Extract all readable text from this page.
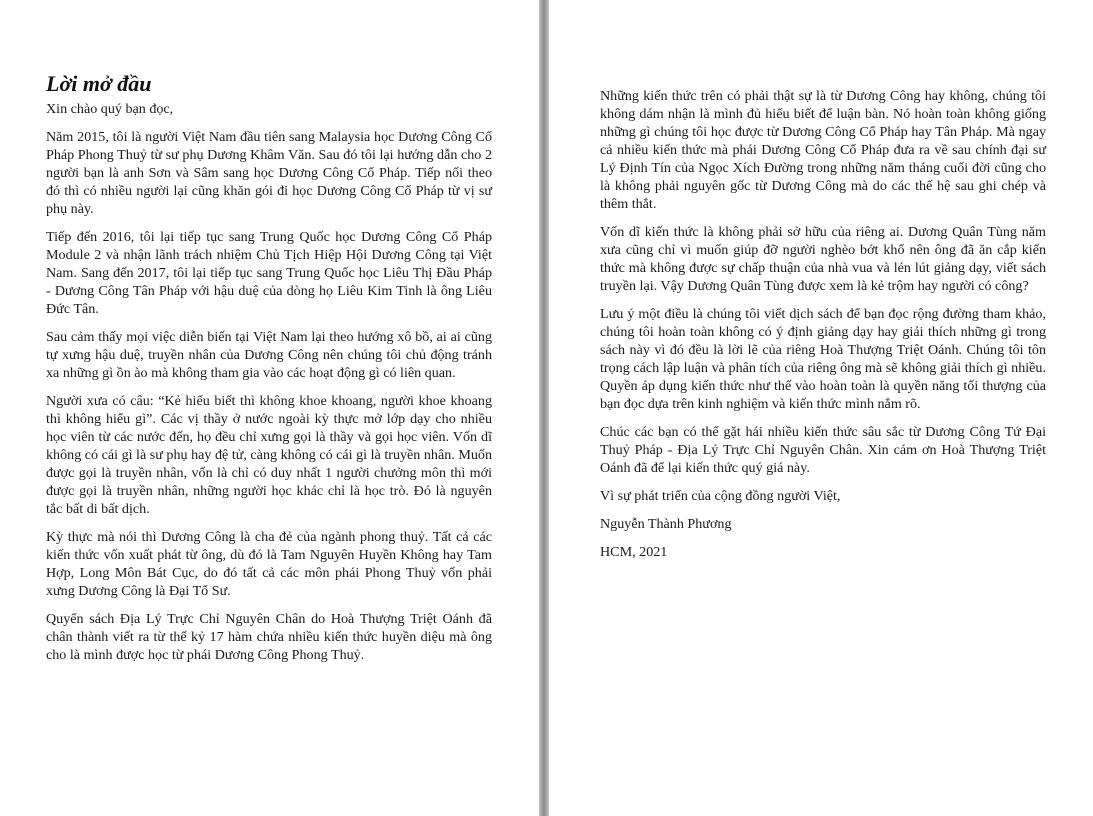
Lời mở đầu

Xin chào quý bạn đọc,

Năm 2015, tôi là người Việt Nam đầu tiên sang Malaysia học Dương Công Cổ Pháp Phong Thuỷ từ sư phụ Dương Khâm Văn. Sau đó tôi lại hướng dẫn cho 2 người bạn là anh Sơn và Sâm sang học Dương Công Cổ Pháp. Tiếp nối theo đó thì có nhiều người lại cũng khăn gói đi học Dương Công Cổ Pháp từ vị sư phụ này.

Tiếp đến 2016, tôi lại tiếp tục sang Trung Quốc học Dương Công Cổ Pháp Module 2 và nhận lãnh trách nhiệm Chủ Tịch Hiệp Hội Dương Công tại Việt Nam. Sang đến 2017, tôi lại tiếp tục sang Trung Quốc học Liêu Thị Đầu Pháp - Dương Công Tân Pháp với hậu duệ của dòng họ Liêu Kim Tinh là ông Liêu Đức Tân.

Sau cảm thấy mọi việc diễn biến tại Việt Nam lại theo hướng xô bồ, ai ai cũng tự xưng hậu duệ, truyền nhân của Dương Công nên chúng tôi chủ động tránh xa những gì ồn ào mà không tham gia vào các hoạt động gì có liên quan.

Người xưa có câu: “Kẻ hiểu biết thì không khoe khoang, người khoe khoang thì không hiểu gì”. Các vị thầy ở nước ngoài kỳ thực mở lớp dạy cho nhiều học viên từ các nước đến, họ đều chỉ xưng gọi là thầy và gọi học viên. Vốn dĩ không có cái gì là sư phụ hay đệ tử, càng không có cái gì là truyền nhân. Muốn được gọi là truyền nhân, vốn là chỉ có duy nhất 1 người chưởng môn thì mới được gọi là truyền nhân, những người học khác chỉ là học trò. Đó là nguyên tắc bất di bất dịch.

Kỳ thực mà nói thì Dương Công là cha đẻ của ngành phong thuỷ. Tất cả các kiến thức vốn xuất phát từ ông, dù đó là Tam Nguyên Huyền Không hay Tam Hợp, Long Môn Bát Cục, do đó tất cả các môn phái Phong Thuỷ vốn phải xưng Dương Công là Đại Tổ Sư.

Quyển sách Địa Lý Trực Chỉ Nguyên Chân do Hoà Thượng Triệt Oánh đã chân thành viết ra từ thế kỷ 17 hàm chứa nhiều kiến thức huyền diệu mà ông cho là mình được học từ phái Dương Công Phong Thuỷ.

Những kiến thức trên có phải thật sự là từ Dương Công hay không, chúng tôi không dám nhận là mình đủ hiểu biết để luận bàn. Nó hoàn toàn không giống những gì chúng tôi học được từ Dương Công Cổ Pháp hay Tân Pháp. Mà ngay cả nhiều kiến thức mà phái Dương Công Cổ Pháp đưa ra về sau chính đại sư Lý Định Tín của Ngọc Xích Đường trong những năm tháng cuối đời cũng cho là không phải nguyên gốc từ Dương Công mà do các thế hệ sau ghi chép và thêm thắt.

Vốn dĩ kiến thức là không phải sở hữu của riêng ai. Dương Quân Tùng năm xưa cũng chỉ vì muốn giúp đỡ người nghèo bớt khổ nên ông đã ăn cắp kiến thức mà không được sự chấp thuận của nhà vua và lén lút giảng dạy, viết sách truyền lại. Vậy Dương Quân Tùng được xem là kẻ trộm hay người có công?

Lưu ý một điều là chúng tôi viết dịch sách để bạn đọc rộng đường tham khảo, chúng tôi hoàn toàn không có ý định giảng dạy hay giải thích những gì trong sách này vì đó đều là lời lẽ của riêng Hoà Thượng Triệt Oánh. Chúng tôi tôn trọng cách lập luận và phân tích của riêng ông mà sẽ không giải thích gì nhiều. Quyền áp dụng kiến thức như thế vào hoàn toàn là quyền năng tối thượng của bạn đọc dựa trên kinh nghiệm và kiến thức mình nắm rõ.

Chúc các bạn có thể gặt hái nhiều kiến thức sâu sắc từ Dương Công Tứ Đại Thuỷ Pháp - Địa Lý Trực Chỉ Nguyên Chân. Xin cám ơn Hoà Thượng Triệt Oánh đã để lại kiến thức quý giá này.

Vì sự phát triển của cộng đồng người Việt,

Nguyễn Thành Phương

HCM, 2021
